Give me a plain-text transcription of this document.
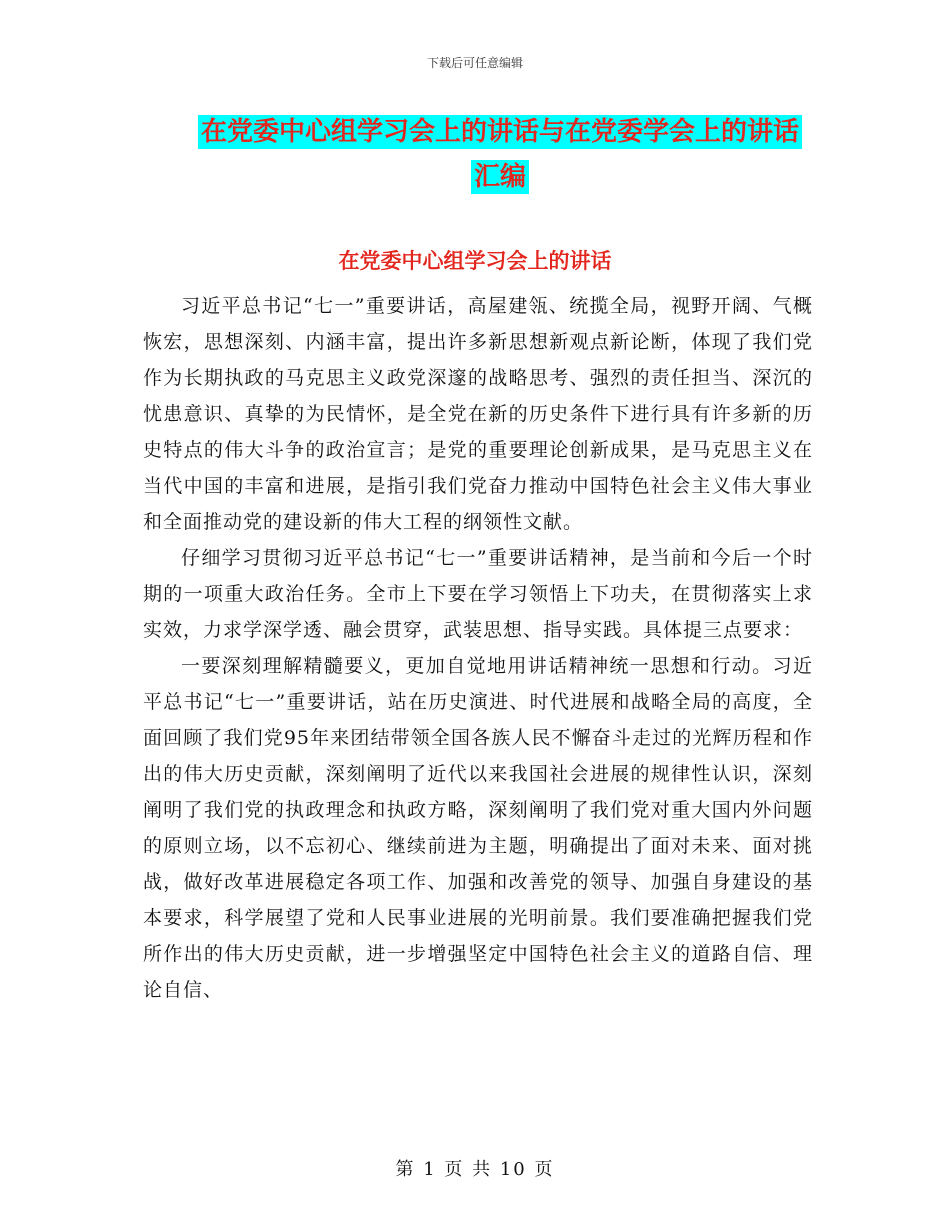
下载后可任意编辑
在党委中心组学习会上的讲话与在党委学会上的讲话
汇编
在党委中心组学习会上的讲话

习近平总书记“七一”重要讲话，高屋建瓴、统揽全局，视野开阔、气概恢宏，思想深刻、内涵丰富，提出许多新思想新观点新论断，体现了我们党作为长期执政的马克思主义政党深邃的战略思考、强烈的责任担当、深沉的忧患意识、真挚的为民情怀，是全党在新的历史条件下进行具有许多新的历史特点的伟大斗争的政治宣言；是党的重要理论创新成果，是马克思主义在当代中国的丰富和进展，是指引我们党奋力推动中国特色社会主义伟大事业和全面推动党的建设新的伟大工程的纲领性文献。

仔细学习贯彻习近平总书记“七一”重要讲话精神，是当前和今后一个时期的一项重大政治任务。全市上下要在学习领悟上下功夫，在贯彻落实上求实效，力求学深学透、融会贯穿，武装思想、指导实践。具体提三点要求：

一要深刻理解精髓要义，更加自觉地用讲话精神统一思想和行动。习近平总书记“七一”重要讲话，站在历史演进、时代进展和战略全局的高度，全面回顾了我们党95年来团结带领全国各族人民不懈奋斗走过的光辉历程和作出的伟大历史贡献，深刻阐明了近代以来我国社会进展的规律性认识，深刻阐明了我们党的执政理念和执政方略，深刻阐明了我们党对重大国内外问题的原则立场，以不忘初心、继续前进为主题，明确提出了面对未来、面对挑战，做好改革进展稳定各项工作、加强和改善党的领导、加强自身建设的基本要求，科学展望了党和人民事业进展的光明前景。我们要准确把握我们党所作出的伟大历史贡献，进一步增强坚定中国特色社会主义的道路自信、理论自信、

第 1 页 共 10 页
